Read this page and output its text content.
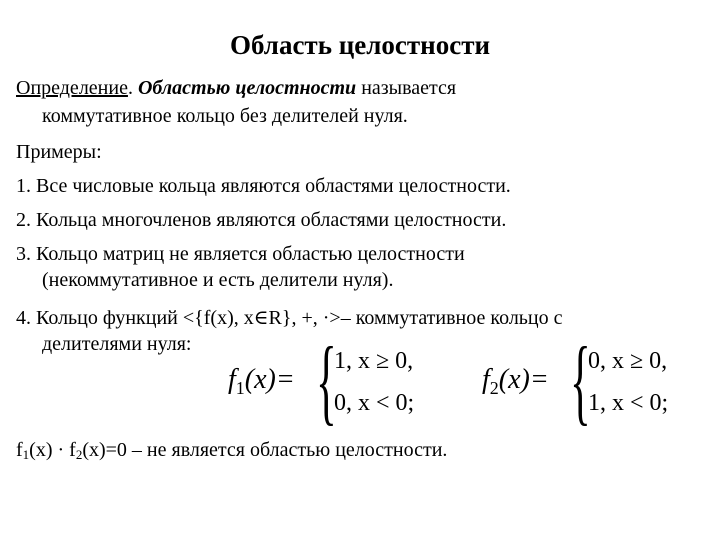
Область целостности
Определение. Областью целостности называется
коммутативное кольцо без делителей нуля.
Примеры:
1. Все числовые кольца являются областями целостности.
2. Кольца многочленов являются областями целостности.
3. Кольцо матриц не является областью целостности
(некоммутативное и есть делители нуля).
4. Кольцо функций <{f(x), x∈R}, +, ·>– коммутативное кольцо с
делителями нуля:
$f_1(x)=$ {
1, x ≥ 0,
0, x < 0;
$f_2(x)=$ {
0, x ≥ 0,
1, x < 0;
$f_1(x) \cdot f_2(x)=0$ – не является областью целостности.
